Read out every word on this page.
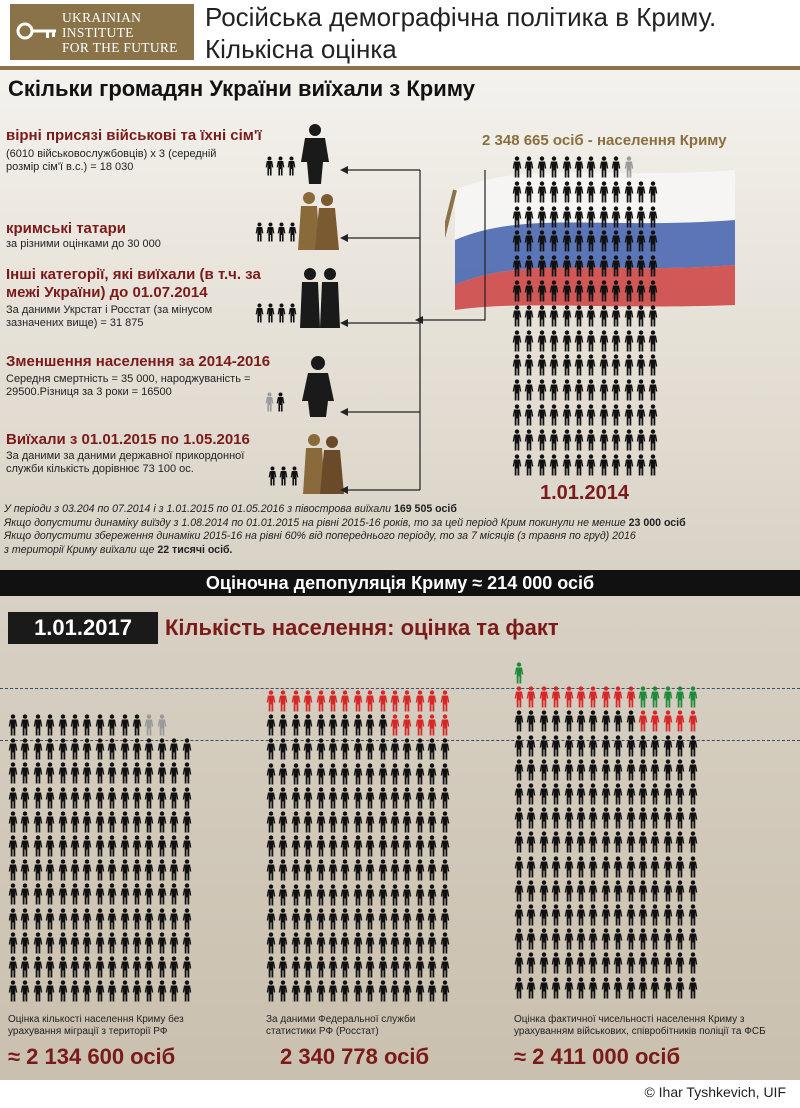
UKRAINIAN
INSTITUTE
FOR THE FUTURE
Російська демографічна політика в Криму.
Кількісна оцінка
Скільки громадян України виїхали з Криму
вірні присязі військові та їхні сім'ї
(6010 військовослужбовців) х 3 (середній розмір сім'ї в.с.) = 18 030
кримські татари
за різними оцінками до 30 000
Інші категорії, які виїхали (в т.ч. за межі України) до 01.07.2014
За даними Укрстат і Росстат (за мінусом зазначених вище) = 31 875
Зменшення населення за 2014-2016
Середня смертність = 35 000, народжуваність = 29500.Різниця за 3 роки = 16500
Виїхали з 01.01.2015 по 1.05.2016
За даними за даними державної прикордонної служби кількість дорівнює 73 100 ос.
2 348 665 осіб - населення Криму
1.01.2014
У періоди з 03.204 по 07.2014 і з 1.01.2015 по 01.05.2016 з півострова виїхали 169 505 осіб
Якщо допустити динаміку виїзду з 1.08.2014 по 01.01.2015 на рівні 2015-16 років, то за цей період Крим покинули не менше 23 000 осіб
Якщо допустити збереження динаміки 2015-16 на рівні 60% від попереднього періоду, то за 7 місяців (з травня по груд) 2016
з території Криму виїхали ще 22 тисячі осіб.
Оціночна депопуляція Криму ≈ 214 000 осіб
1.01.2017	Кількість населення: оцінка та факт
Оцінка кількості населення Криму без урахування міграції з території РФ
За даними Федеральної служби статистики РФ (Росстат)
Оцінка фактичної чисельності населення Криму з урахуванням військових, співробітників поліції та ФСБ
≈ 2 134 600 осіб	2 340 778 осіб	≈ 2 411 000 осіб
© Ihar Tyshkevich, UIF
